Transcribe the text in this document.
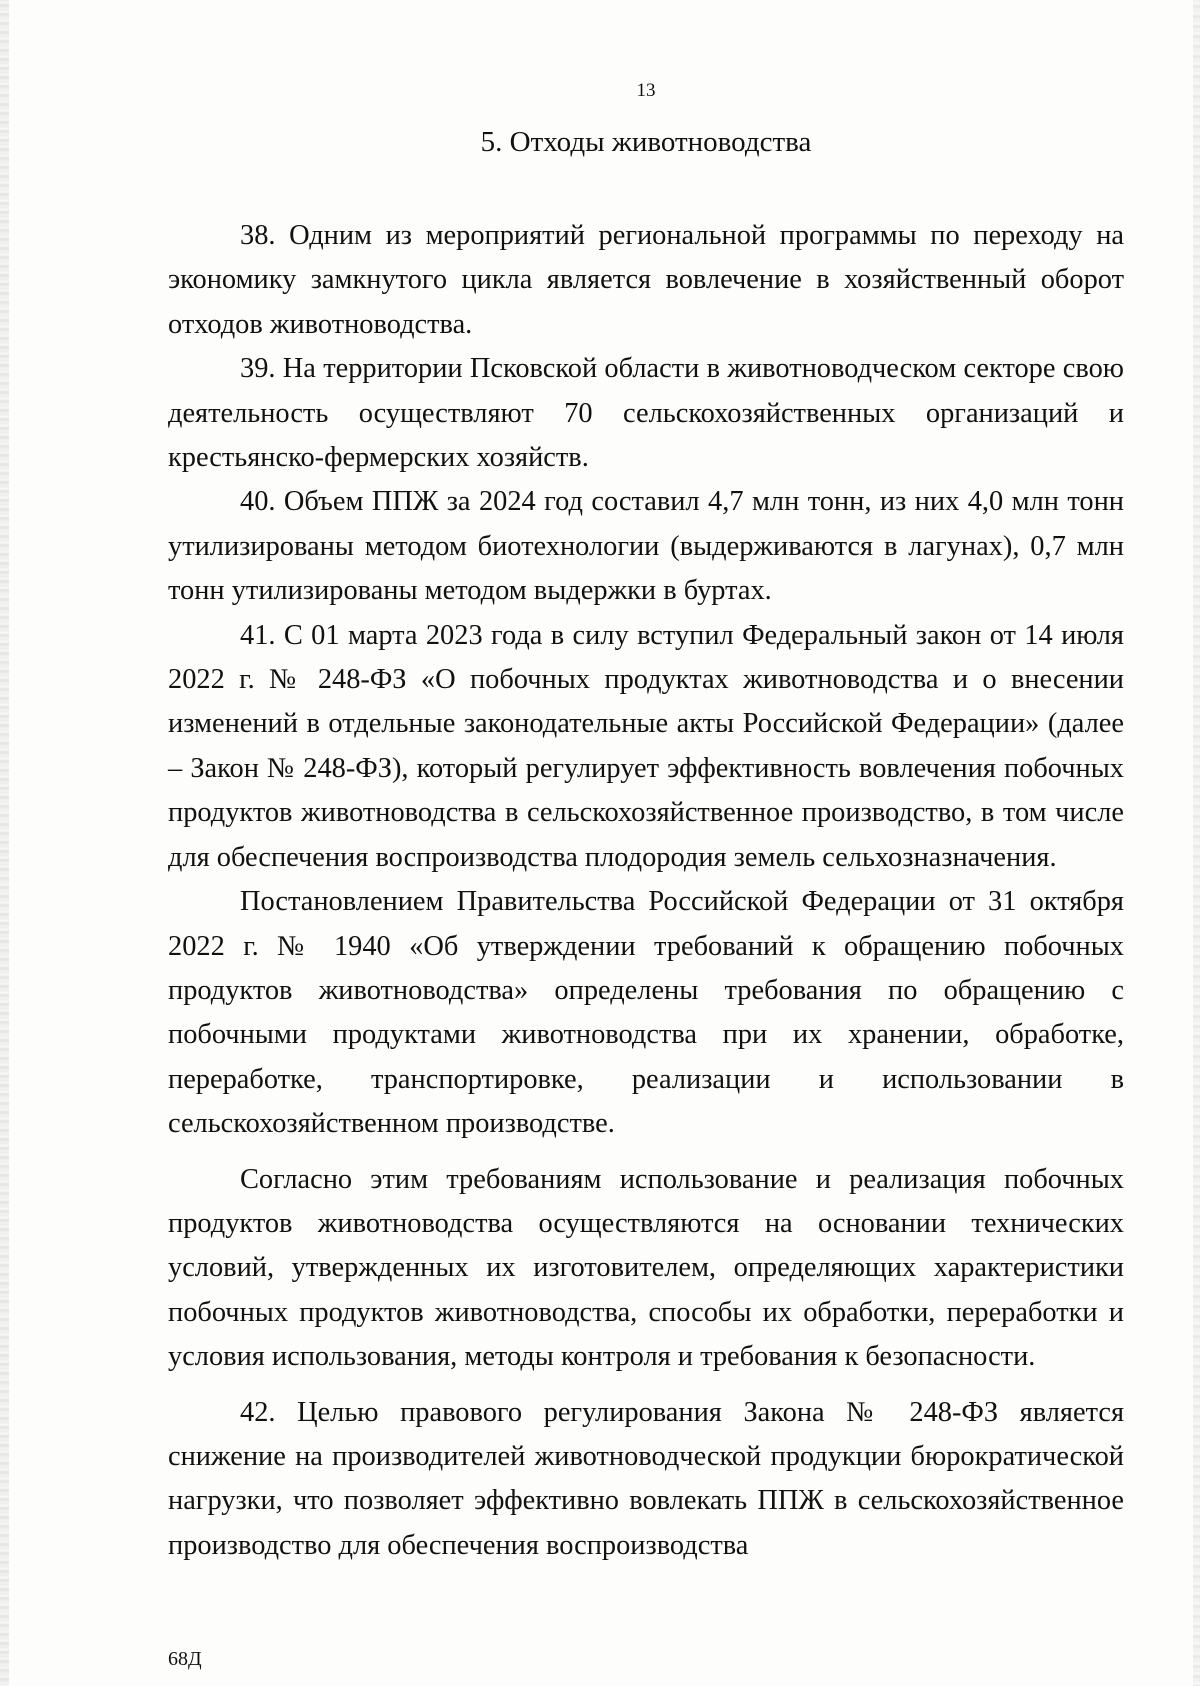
13
5. Отходы животноводства

38. Одним из мероприятий региональной программы по переходу на экономику замкнутого цикла является вовлечение в хозяйственный оборот отходов животноводства.

39. На территории Псковской области в животноводческом секторе свою деятельность осуществляют 70 сельскохозяйственных организаций и крестьянско-фермерских хозяйств.

40. Объем ППЖ за 2024 год составил 4,7 млн тонн, из них 4,0 млн тонн утилизированы методом биотехнологии (выдерживаются в лагунах), 0,7 млн тонн утилизированы методом выдержки в буртах.

41. С 01 марта 2023 года в силу вступил Федеральный закон от 14 июля 2022 г. № 248-ФЗ «О побочных продуктах животноводства и о внесении изменений в отдельные законодательные акты Российской Федерации» (далее – Закон № 248-ФЗ), который регулирует эффективность вовлечения побочных продуктов животноводства в сельскохозяйственное производство, в том числе для обеспечения воспроизводства плодородия земель сельхозназначения.

Постановлением Правительства Российской Федерации от 31 октября 2022 г. № 1940 «Об утверждении требований к обращению побочных продуктов животноводства» определены требования по обращению с побочными продуктами животноводства при их хранении, обработке, переработке, транспортировке, реализации и использовании в сельскохозяйственном производстве.

Согласно этим требованиям использование и реализация побочных продуктов животноводства осуществляются на основании технических условий, утвержденных их изготовителем, определяющих характеристики побочных продуктов животноводства, способы их обработки, переработки и условия использования, методы контроля и требования к безопасности.

42. Целью правового регулирования Закона № 248-ФЗ является снижение на производителей животноводческой продукции бюрократической нагрузки, что позволяет эффективно вовлекать ППЖ в сельскохозяйственное производство для обеспечения воспроизводства

68Д
